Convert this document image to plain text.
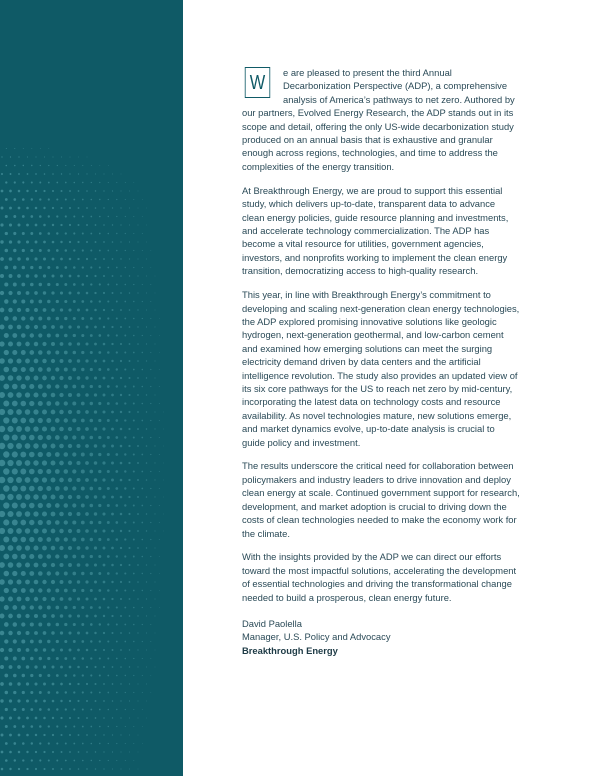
W	e are pleased to present the third Annual Decarbonization Perspective (ADP), a comprehensive analysis of America’s pathways to net zero. Authored by our partners, Evolved Energy Research, the ADP stands out in its scope and detail, offering the only US-wide decarbonization study produced on an annual basis that is exhaustive and granular enough across regions, technologies, and time to address the complexities of the energy transition.

At Breakthrough Energy, we are proud to support this essential study, which delivers up-to-date, transparent data to advance clean energy policies, guide resource planning and investments, and accelerate technology commercialization. The ADP has become a vital resource for utilities, government agencies, investors, and nonprofits working to implement the clean energy transition, democratizing access to high-quality research.

This year, in line with Breakthrough Energy’s commitment to developing and scaling next-generation clean energy technologies, the ADP explored promising innovative solutions like geologic hydrogen, next-generation geothermal, and low-carbon cement and examined how emerging solutions can meet the surging electricity demand driven by data centers and the artificial intelligence revolution. The study also provides an updated view of its six core pathways for the US to reach net zero by mid-century, incorporating the latest data on technology costs and resource availability. As novel technologies mature, new solutions emerge, and market dynamics evolve, up-to-date analysis is crucial to guide policy and investment.

The results underscore the critical need for collaboration between policymakers and industry leaders to drive innovation and deploy clean energy at scale. Continued government support for research, development, and market adoption is crucial to driving down the costs of clean technologies needed to make the economy work for the climate.

With the insights provided by the ADP we can direct our efforts toward the most impactful solutions, accelerating the development of essential technologies and driving the transformational change needed to build a prosperous, clean energy future.

David Paolella
Manager, U.S. Policy and Advocacy
Breakthrough Energy
